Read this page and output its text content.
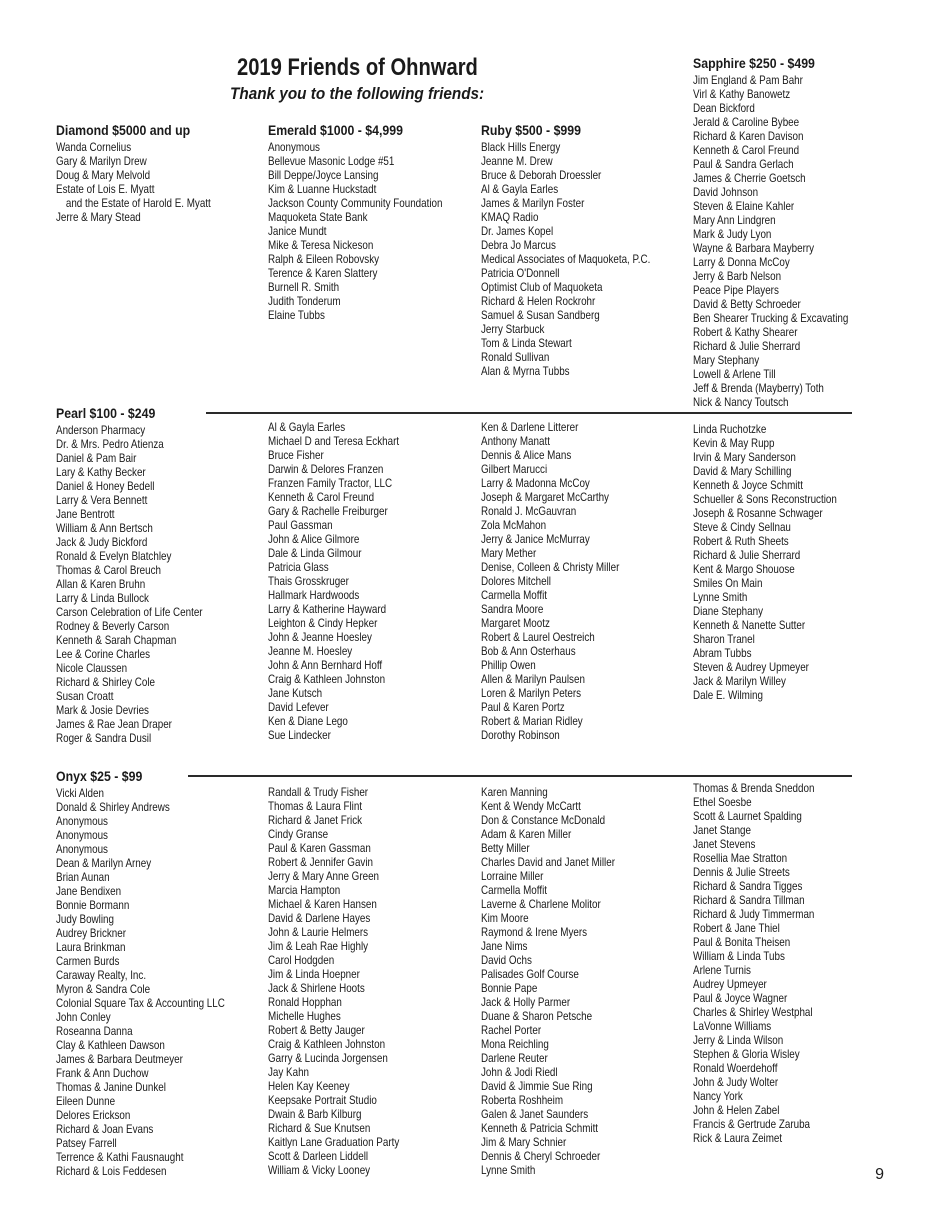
2019 Friends of Ohnward
Thank you to the following friends:
Diamond $5000 and up
Wanda Cornelius
Gary & Marilyn Drew
Doug & Mary Melvold
Estate of Lois E. Myatt
and the Estate of Harold E. Myatt
Jerre & Mary Stead
Emerald $1000 - $4,999
Anonymous
Bellevue Masonic Lodge #51
Bill Deppe/Joyce Lansing
Kim & Luanne Huckstadt
Jackson County Community Foundation
Maquoketa State Bank
Janice Mundt
Mike & Teresa Nickeson
Ralph & Eileen Robovsky
Terence & Karen Slattery
Burnell R. Smith
Judith Tonderum
Elaine Tubbs
Ruby $500 - $999
Black Hills Energy
Jeanne M. Drew
Bruce & Deborah Droessler
Al & Gayla Earles
James & Marilyn Foster
KMAQ Radio
Dr. James Kopel
Debra Jo Marcus
Medical Associates of Maquoketa, P.C.
Patricia O'Donnell
Optimist Club of Maquoketa
Richard & Helen Rockrohr
Samuel & Susan Sandberg
Jerry Starbuck
Tom & Linda Stewart
Ronald Sullivan
Alan & Myrna Tubbs
Sapphire $250 - $499
Jim England & Pam Bahr
Virl & Kathy Banowetz
Dean Bickford
Jerald & Caroline Bybee
Richard & Karen Davison
Kenneth & Carol Freund
Paul & Sandra Gerlach
James & Cherrie Goetsch
David Johnson
Steven & Elaine Kahler
Mary Ann Lindgren
Mark & Judy Lyon
Wayne & Barbara Mayberry
Larry & Donna McCoy
Jerry & Barb Nelson
Peace Pipe Players
David & Betty Schroeder
Ben Shearer Trucking & Excavating
Robert & Kathy Shearer
Richard & Julie Sherrard
Mary Stephany
Lowell & Arlene Till
Jeff & Brenda (Mayberry) Toth
Nick & Nancy Toutsch
Pearl $100 - $249
Anderson Pharmacy
Dr. & Mrs. Pedro Atienza
Daniel & Pam Bair
Lary & Kathy Becker
Daniel & Honey Bedell
Larry & Vera Bennett
Jane Bentrott
William & Ann Bertsch
Jack & Judy Bickford
Ronald & Evelyn Blatchley
Thomas & Carol Breuch
Allan & Karen Bruhn
Larry & Linda Bullock
Carson Celebration of Life Center
Rodney & Beverly Carson
Kenneth & Sarah Chapman
Lee & Corine Charles
Nicole Claussen
Richard & Shirley Cole
Susan Croatt
Mark & Josie Devries
James & Rae Jean Draper
Roger & Sandra Dusil
Al & Gayla Earles
Michael D and Teresa Eckhart
Bruce Fisher
Darwin & Delores Franzen
Franzen Family Tractor, LLC
Kenneth & Carol Freund
Gary & Rachelle Freiburger
Paul Gassman
John & Alice Gilmore
Dale & Linda Gilmour
Patricia Glass
Thais Grosskruger
Hallmark Hardwoods
Larry & Katherine Hayward
Leighton & Cindy Hepker
John & Jeanne Hoesley
Jeanne M. Hoesley
John & Ann Bernhard Hoff
Craig & Kathleen Johnston
Jane Kutsch
David Lefever
Ken & Diane Lego
Sue Lindecker
Ken & Darlene Litterer
Anthony Manatt
Dennis & Alice Mans
Gilbert Marucci
Larry & Madonna McCoy
Joseph & Margaret McCarthy
Ronald J. McGauvran
Zola McMahon
Jerry & Janice McMurray
Mary Mether
Denise, Colleen & Christy Miller
Dolores Mitchell
Carmella Moffit
Sandra Moore
Margaret Mootz
Robert & Laurel Oestreich
Bob & Ann Osterhaus
Phillip Owen
Allen & Marilyn Paulsen
Loren & Marilyn Peters
Paul & Karen Portz
Robert & Marian Ridley
Dorothy Robinson
Linda Ruchotzke
Kevin & May Rupp
Irvin & Mary Sanderson
David & Mary Schilling
Kenneth & Joyce Schmitt
Schueller & Sons Reconstruction
Joseph & Rosanne Schwager
Steve & Cindy Sellnau
Robert & Ruth Sheets
Richard & Julie Sherrard
Kent & Margo Shouose
Smiles On Main
Lynne Smith
Diane Stephany
Kenneth & Nanette Sutter
Sharon Tranel
Abram Tubbs
Steven & Audrey Upmeyer
Jack & Marilyn Willey
Dale E. Wilming
Onyx $25 - $99
Vicki Alden
Donald & Shirley Andrews
Anonymous
Anonymous
Anonymous
Dean & Marilyn Arney
Brian Aunan
Jane Bendixen
Bonnie Bormann
Judy Bowling
Audrey Brickner
Laura Brinkman
Carmen Burds
Caraway Realty, Inc.
Myron & Sandra Cole
Colonial Square Tax & Accounting LLC
John Conley
Roseanna Danna
Clay & Kathleen Dawson
James & Barbara Deutmeyer
Frank & Ann Duchow
Thomas & Janine Dunkel
Eileen Dunne
Delores Erickson
Richard & Joan Evans
Patsey Farrell
Terrence & Kathi Fausnaught
Richard & Lois Feddesen
Randall & Trudy Fisher
Thomas & Laura Flint
Richard & Janet Frick
Cindy Granse
Paul & Karen Gassman
Robert & Jennifer Gavin
Jerry & Mary Anne Green
Marcia Hampton
Michael & Karen Hansen
David & Darlene Hayes
John & Laurie Helmers
Jim & Leah Rae Highly
Carol Hodgden
Jim & Linda Hoepner
Jack & Shirlene Hoots
Ronald Hopphan
Michelle Hughes
Robert & Betty Jauger
Craig & Kathleen Johnston
Garry & Lucinda Jorgensen
Jay Kahn
Helen Kay Keeney
Keepsake Portrait Studio
Dwain & Barb Kilburg
Richard & Sue Knutsen
Kaitlyn Lane Graduation Party
Scott & Darleen Liddell
William & Vicky Looney
Karen Manning
Kent & Wendy McCartt
Don & Constance McDonald
Adam & Karen Miller
Betty Miller
Charles David and Janet Miller
Lorraine Miller
Carmella Moffit
Laverne & Charlene Molitor
Kim Moore
Raymond & Irene Myers
Jane Nims
David Ochs
Palisades Golf Course
Bonnie Pape
Jack & Holly Parmer
Duane & Sharon Petsche
Rachel Porter
Mona Reichling
Darlene Reuter
John & Jodi Riedl
David & Jimmie Sue Ring
Roberta Roshheim
Galen & Janet Saunders
Kenneth & Patricia Schmitt
Jim & Mary Schnier
Dennis & Cheryl Schroeder
Lynne Smith
Thomas & Brenda Sneddon
Ethel Soesbe
Scott & Laurnet Spalding
Janet Stange
Janet Stevens
Rosellia Mae Stratton
Dennis & Julie Streets
Richard & Sandra Tigges
Richard & Sandra Tillman
Richard & Judy Timmerman
Robert & Jane Thiel
Paul & Bonita Theisen
William & Linda Tubs
Arlene Turnis
Audrey Upmeyer
Paul & Joyce Wagner
Charles & Shirley Westphal
LaVonne Williams
Jerry & Linda Wilson
Stephen & Gloria Wisley
Ronald Woerdehoff
John & Judy Wolter
Nancy York
John & Helen Zabel
Francis & Gertrude Zaruba
Rick & Laura Zeimet
9
